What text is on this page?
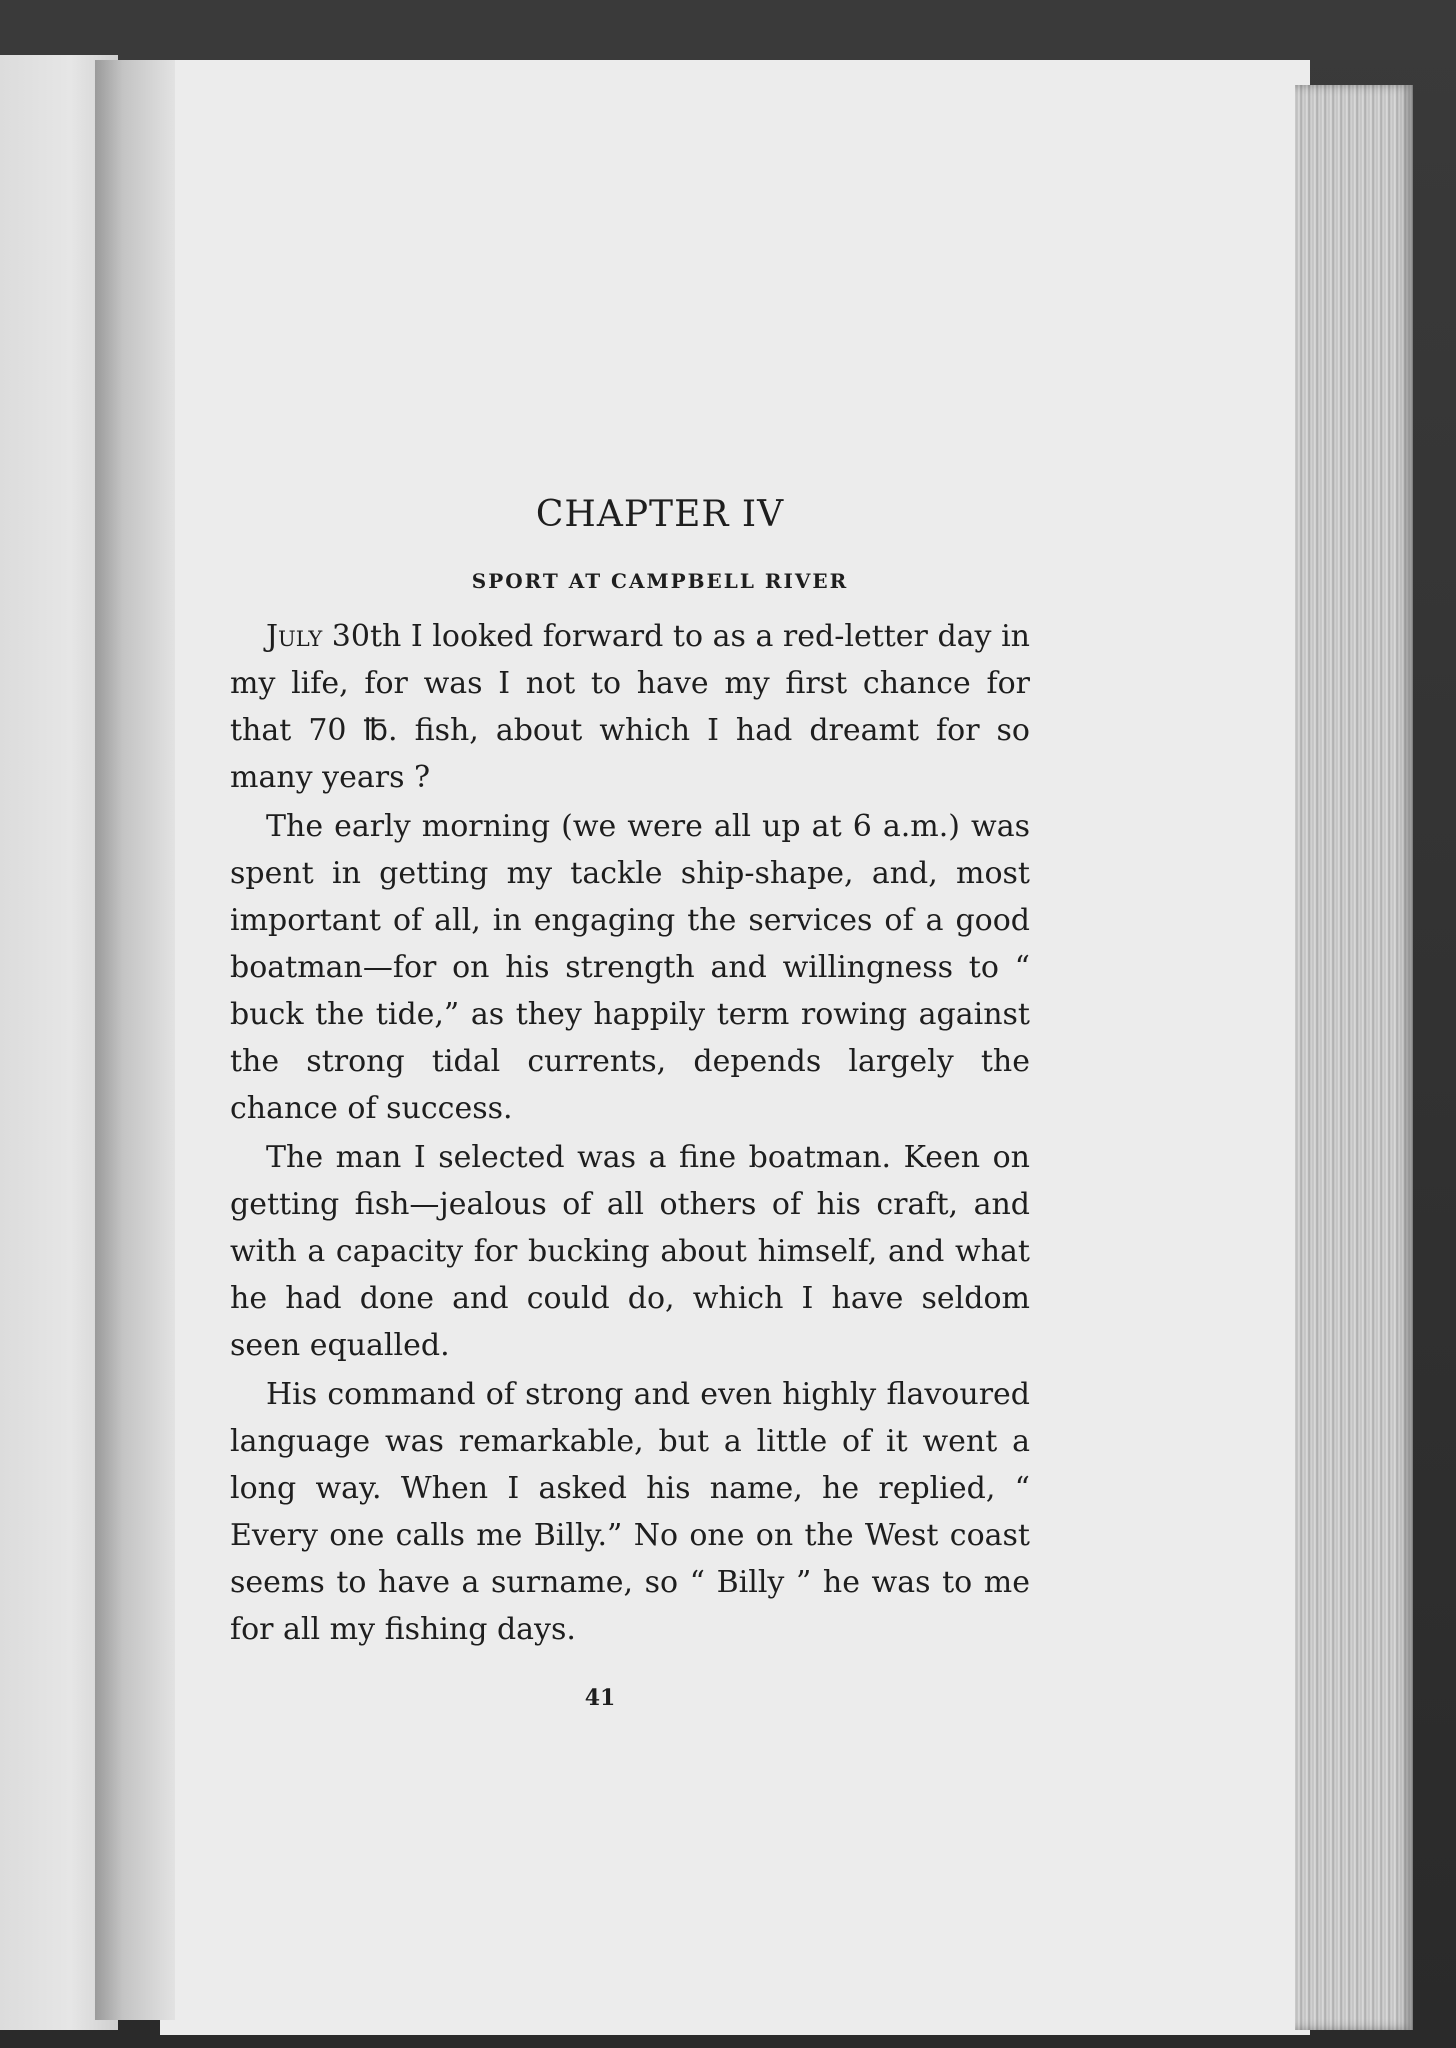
CHAPTER IV
SPORT AT CAMPBELL RIVER

July 30th I looked forward to as a red-letter day in my life, for was I not to have my first chance for that 70 ℔. fish, about which I had dreamt for so many years ?

The early morning (we were all up at 6 a.m.) was spent in getting my tackle ship-shape, and, most important of all, in engaging the services of a good boatman—for on his strength and willingness to “ buck the tide,” as they happily term rowing against the strong tidal currents, depends largely the chance of success.

The man I selected was a fine boatman. Keen on getting fish—jealous of all others of his craft, and with a capacity for bucking about himself, and what he had done and could do, which I have seldom seen equalled.

His command of strong and even highly flavoured language was remarkable, but a little of it went a long way. When I asked his name, he replied, “ Every one calls me Billy.” No one on the West coast seems to have a surname, so “ Billy ” he was to me for all my fishing days.

41
